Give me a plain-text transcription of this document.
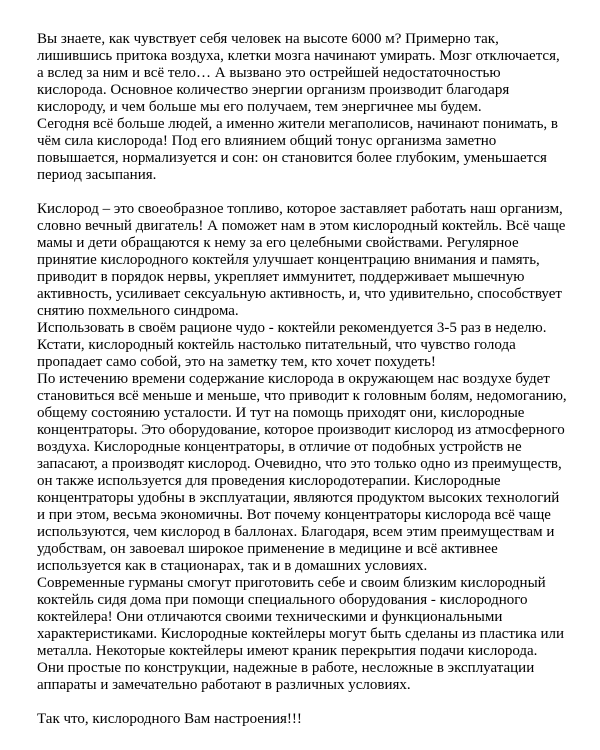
Вы знаете, как чувствует себя человек на высоте 6000 м? Примерно так, лишившись притока воздуха, клетки мозга начинают умирать. Мозг отключается, а вслед за ним и всё тело… А вызвано это острейшей недостаточностью кислорода. Основное количество энергии организм производит благодаря кислороду, и чем больше мы его получаем, тем энергичнее мы будем.

Сегодня всё больше людей, а именно жители мегаполисов, начинают понимать, в чём сила кислорода! Под его влиянием общий тонус организма заметно повышается, нормализуется и сон: он становится более глубоким, уменьшается период засыпания.

Кислород – это своеобразное топливо, которое заставляет работать наш организм, словно вечный двигатель! А поможет нам в этом кислородный коктейль. Всё чаще мамы и дети обращаются к нему за его целебными свойствами. Регулярное принятие кислородного коктейля улучшает концентрацию внимания и память, приводит в порядок нервы, укрепляет иммунитет, поддерживает мышечную активность, усиливает сексуальную активность, и, что удивительно, способствует снятию похмельного синдрома.

Использовать в своём рационе чудо - коктейли рекомендуется 3-5 раз в неделю. Кстати, кислородный коктейль настолько питательный, что чувство голода пропадает само собой, это на заметку тем, кто хочет похудеть!

По истечению времени содержание кислорода в окружающем нас воздухе будет становиться всё меньше и меньше, что приводит к головным болям, недомоганию, общему состоянию усталости. И тут на помощь приходят они, кислородные концентраторы. Это оборудование, которое производит кислород из атмосферного воздуха. Кислородные концентраторы, в отличие от подобных устройств не запасают, а производят кислород. Очевидно, что это только одно из преимуществ, он также используется для проведения кислородотерапии. Кислородные концентраторы удобны в эксплуатации, являются продуктом высоких технологий и при этом, весьма экономичны. Вот почему концентраторы кислорода всё чаще используются, чем кислород в баллонах. Благодаря, всем этим преимуществам и удобствам, он завоевал широкое применение в медицине и всё активнее используется как в стационарах, так и в домашних условиях.

Современные гурманы смогут приготовить себе и своим близким кислородный коктейль сидя дома при помощи специального оборудования - кислородного коктейлера! Они отличаются своими техническими и функциональными характеристиками. Кислородные коктейлеры могут быть сделаны из пластика или металла. Некоторые коктейлеры имеют краник перекрытия подачи кислорода. Они простые по конструкции, надежные в работе, несложные в эксплуатации аппараты и замечательно работают в различных условиях.

Так что, кислородного Вам настроения!!!
